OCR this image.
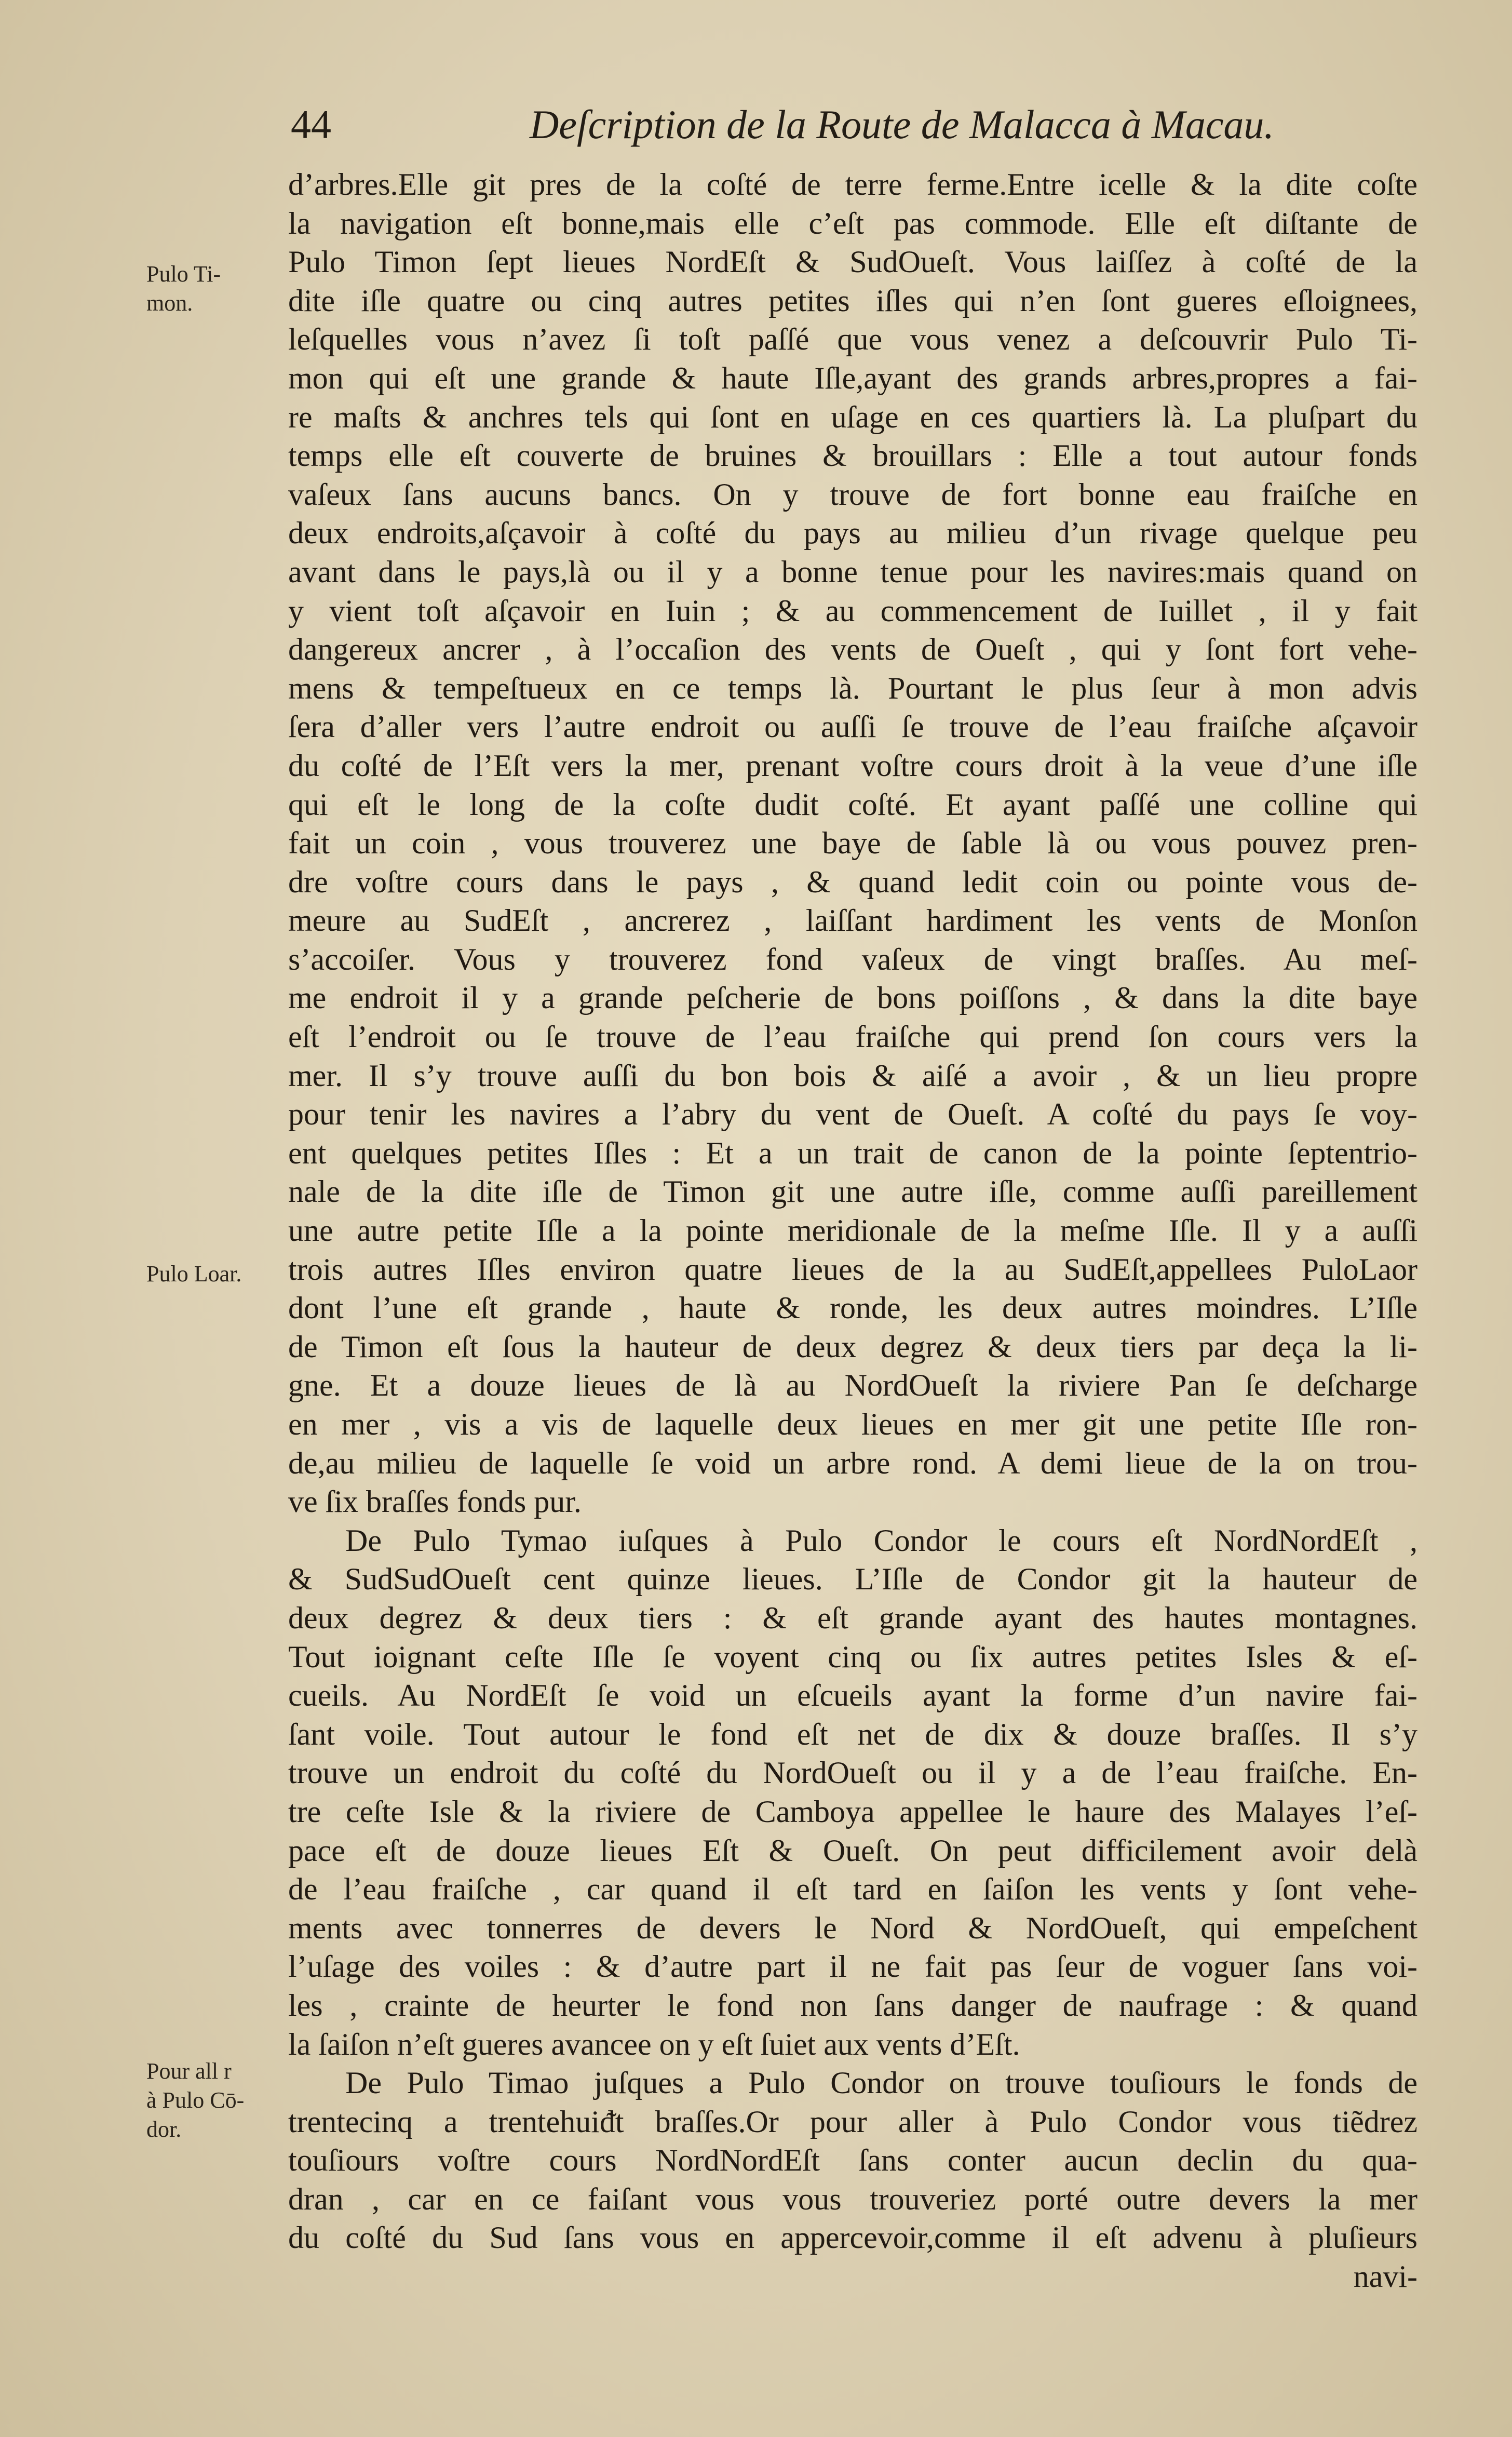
44	Deſcription de la Route de Malacca à Macau.
Pulo Ti-
mon.
Pulo Loar.
Pour all r
à Pulo Cō-
dor.
d’arbres.Elle git pres de la coſté de terre ferme.Entre icelle & la dite coſte
la navigation eſt bonne,mais elle c’eſt pas commode. Elle eſt diſtante de
Pulo Timon ſept lieues NordEſt & SudOueſt. Vous laiſſez à coſté de la
dite iſle quatre ou cinq autres petites iſles qui n’en ſont gueres eſloignees,
leſquelles vous n’avez ſi toſt paſſé que vous venez a deſcouvrir Pulo Ti-
mon qui eſt une grande & haute Iſle,ayant des grands arbres,propres a fai-
re maſts & anchres tels qui ſont en uſage en ces quartiers là. La pluſpart du
temps elle eſt couverte de bruines & brouillars : Elle a tout autour fonds
vaſeux ſans aucuns bancs. On y trouve de fort bonne eau fraiſche en
deux endroits,aſçavoir à coſté du pays au milieu d’un rivage quelque peu
avant dans le pays,là ou il y a bonne tenue pour les navires:mais quand on
y vient toſt aſçavoir en Iuin ; & au commencement de Iuillet , il y fait
dangereux ancrer , à l’occaſion des vents de Oueſt , qui y ſont fort vehe-
mens & tempeſtueux en ce temps là. Pourtant le plus ſeur à mon advis
ſera d’aller vers l’autre endroit ou auſſi ſe trouve de l’eau fraiſche aſçavoir
du coſté de l’Eſt vers la mer, prenant voſtre cours droit à la veue d’une iſle
qui eſt le long de la coſte dudit coſté. Et ayant paſſé une colline qui
fait un coin , vous trouverez une baye de ſable là ou vous pouvez pren-
dre voſtre cours dans le pays , & quand ledit coin ou pointe vous de-
meure au SudEſt , ancrerez , laiſſant hardiment les vents de Monſon
s’accoiſer. Vous y trouverez fond vaſeux de vingt braſſes. Au meſ-
me endroit il y a grande peſcherie de bons poiſſons , & dans la dite baye
eſt l’endroit ou ſe trouve de l’eau fraiſche qui prend ſon cours vers la
mer. Il s’y trouve auſſi du bon bois & aiſé a avoir , & un lieu propre
pour tenir les navires a l’abry du vent de Oueſt. A coſté du pays ſe voy-
ent quelques petites Iſles : Et a un trait de canon de la pointe ſeptentrio-
nale de la dite iſle de Timon git une autre iſle, comme auſſi pareillement
une autre petite Iſle a la pointe meridionale de la meſme Iſle. Il y a auſſi
trois autres Iſles environ quatre lieues de la au SudEſt,appellees PuloLaor
dont l’une eſt grande , haute & ronde, les deux autres moindres. L’Iſle
de Timon eſt ſous la hauteur de deux degrez & deux tiers par deça la li-
gne. Et a douze lieues de là au NordOueſt la riviere Pan ſe deſcharge
en mer , vis a vis de laquelle deux lieues en mer git une petite Iſle ron-
de,au milieu de laquelle ſe void un arbre rond. A demi lieue de la on trou-
ve ſix braſſes fonds pur.
De Pulo Tymao iuſques à Pulo Condor le cours eſt NordNordEſt ,
& SudSudOueſt cent quinze lieues. L’Iſle de Condor git la hauteur de
deux degrez & deux tiers : & eſt grande ayant des hautes montagnes.
Tout ioignant ceſte Iſle ſe voyent cinq ou ſix autres petites Isles & eſ-
cueils. Au NordEſt ſe void un eſcueils ayant la forme d’un navire fai-
ſant voile. Tout autour le fond eſt net de dix & douze braſſes. Il s’y
trouve un endroit du coſté du NordOueſt ou il y a de l’eau fraiſche. En-
tre ceſte Isle & la riviere de Camboya appellee le haure des Malayes l’eſ-
pace eſt de douze lieues Eſt & Oueſt. On peut difficilement avoir delà
de l’eau fraiſche , car quand il eſt tard en ſaiſon les vents y ſont vehe-
ments avec tonnerres de devers le Nord & NordOueſt, qui empeſchent
l’uſage des voiles : & d’autre part il ne fait pas ſeur de voguer ſans voi-
les , crainte de heurter le fond non ſans danger de naufrage : & quand
la ſaiſon n’eſt gueres avancee on y eſt ſuiet aux vents d’Eſt.
De Pulo Timao juſques a Pulo Condor on trouve touſiours le fonds de
trentecinq a trentehuiᵭt braſſes.Or pour aller à Pulo Condor vous tiẽdrez
touſiours voſtre cours NordNordEſt ſans conter aucun declin du qua-
dran , car en ce faiſant vous vous trouveriez porté outre devers la mer
du coſté du Sud ſans vous en appercevoir,comme il eſt advenu à pluſieurs
navi-
